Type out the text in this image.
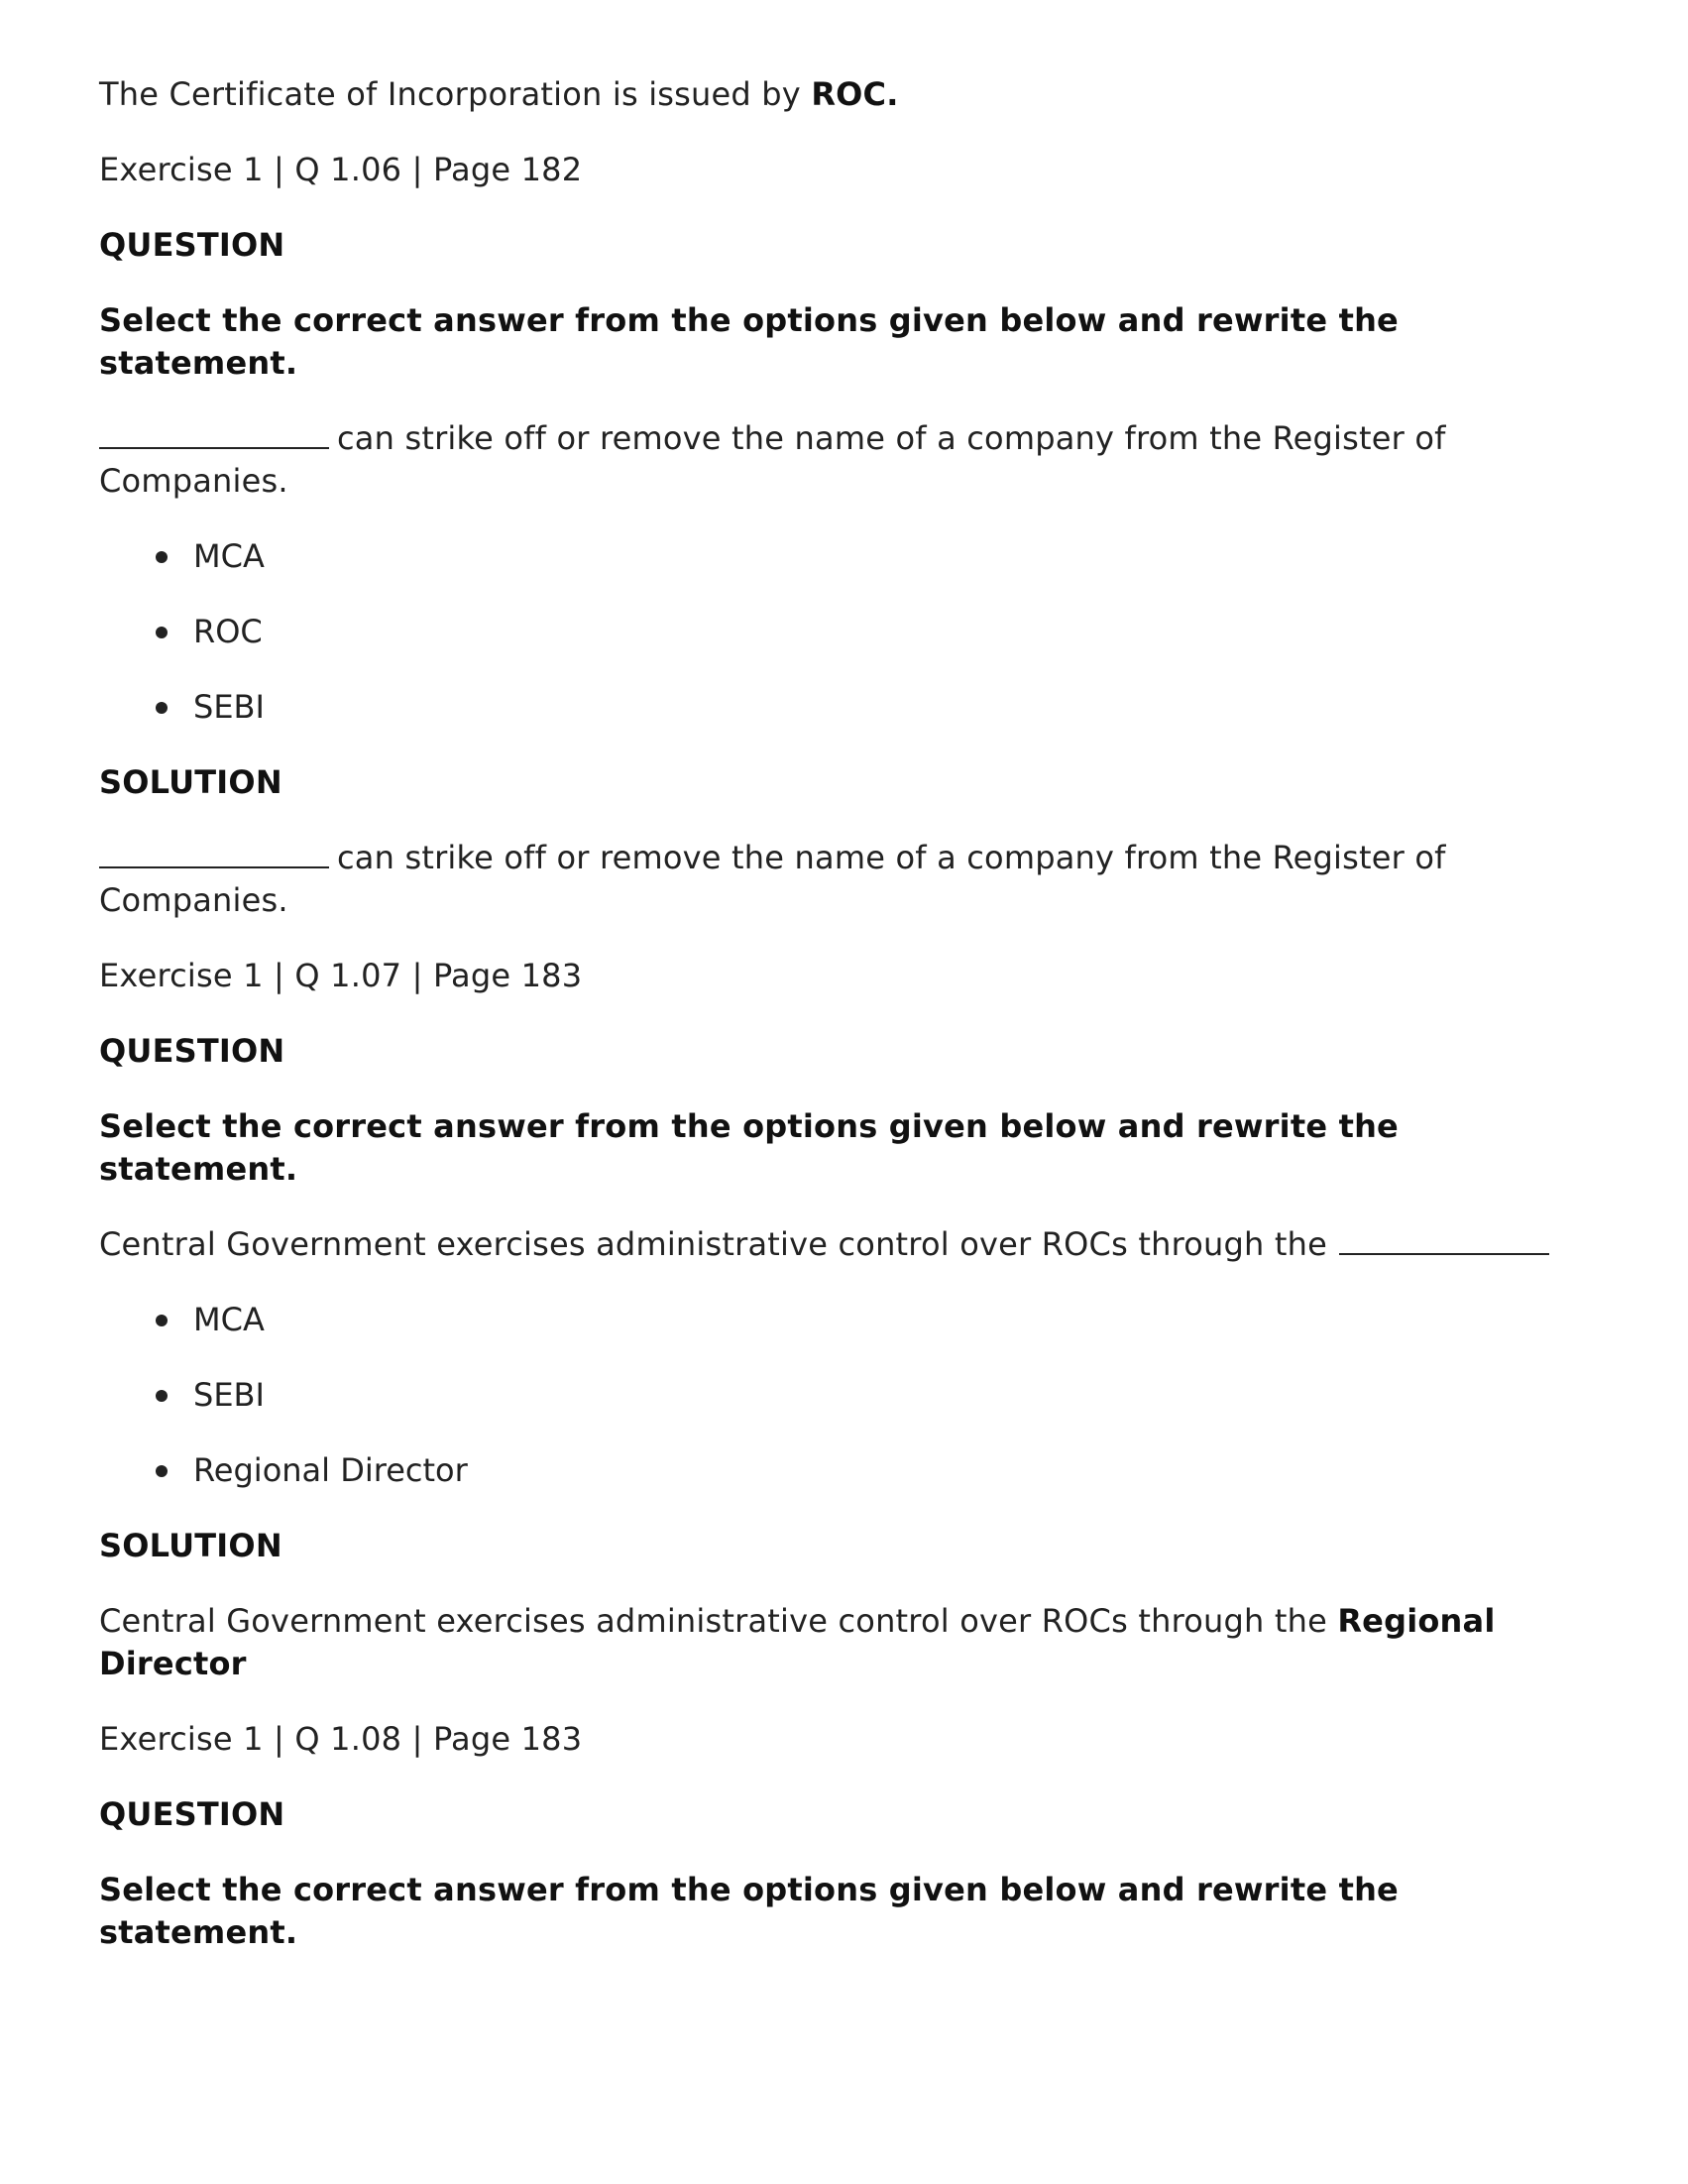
The Certificate of Incorporation is issued by ROC.

Exercise 1 | Q 1.06 | Page 182

QUESTION

Select the correct answer from the options given below and rewrite the statement.

can strike off or remove the name of a company from the Register of Companies.

MCA
ROC
SEBI

SOLUTION

can strike off or remove the name of a company from the Register of Companies.

Exercise 1 | Q 1.07 | Page 183

QUESTION

Select the correct answer from the options given below and rewrite the statement.

Central Government exercises administrative control over ROCs through the

MCA
SEBI
Regional Director

SOLUTION

Central Government exercises administrative control over ROCs through the Regional Director

Exercise 1 | Q 1.08 | Page 183

QUESTION

Select the correct answer from the options given below and rewrite the statement.
